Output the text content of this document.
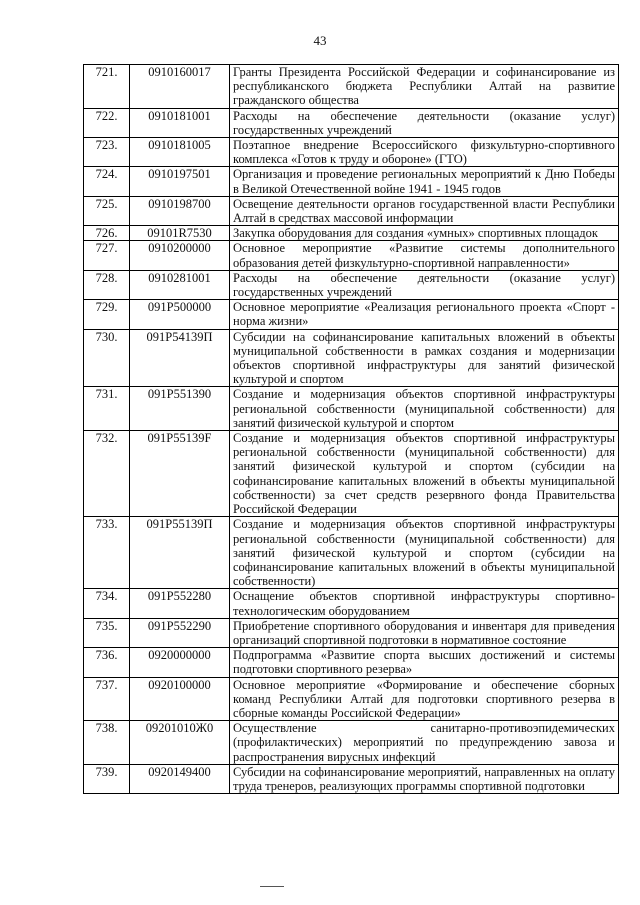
43
721.	0910160017	Гранты Президента Российской Федерации и софинансирование из республиканского бюджета Республики Алтай на развитие гражданского общества
722.	0910181001	Расходы на обеспечение деятельности (оказание услуг) государственных учреждений
723.	0910181005	Поэтапное внедрение Всероссийского физкультурно-спортивного комплекса «Готов к труду и обороне» (ГТО)
724.	0910197501	Организация и проведение региональных мероприятий к Дню Победы в Великой Отечественной войне 1941 - 1945 годов
725.	0910198700	Освещение деятельности органов государственной власти Республики Алтай в средствах массовой информации
726.	09101R7530	Закупка оборудования для создания «умных» спортивных площадок
727.	0910200000	Основное мероприятие «Развитие системы дополнительного образования детей физкультурно-спортивной направленности»
728.	0910281001	Расходы на обеспечение деятельности (оказание услуг) государственных учреждений
729.	091P500000	Основное мероприятие «Реализация регионального проекта «Спорт - норма жизни»
730.	091P54139П	Субсидии на софинансирование капитальных вложений в объекты муниципальной собственности в рамках создания и модернизации объектов спортивной инфраструктуры для занятий физической культурой и спортом
731.	091P551390	Создание и модернизация объектов спортивной инфраструктуры региональной собственности (муниципальной собственности) для занятий физической культурой и спортом
732.	091P55139F	Создание и модернизация объектов спортивной инфраструктуры региональной собственности (муниципальной собственности) для занятий физической культурой и спортом (субсидии на софинансирование капитальных вложений в объекты муниципальной собственности) за счет средств резервного фонда Правительства Российской Федерации
733.	091P55139П	Создание и модернизация объектов спортивной инфраструктуры региональной собственности (муниципальной собственности) для занятий физической культурой и спортом (субсидии на софинансирование капитальных вложений в объекты муниципальной собственности)
734.	091P552280	Оснащение объектов спортивной инфраструктуры спортивно-технологическим оборудованием
735.	091P552290	Приобретение спортивного оборудования и инвентаря для приведения организаций спортивной подготовки в нормативное состояние
736.	0920000000	Подпрограмма «Развитие спорта высших достижений и системы подготовки спортивного резерва»
737.	0920100000	Основное мероприятие «Формирование и обеспечение сборных команд Республики Алтай для подготовки спортивного резерва в сборные команды Российской Федерации»
738.	09201010Ж0	Осуществление санитарно-противоэпидемических (профилактических) мероприятий по предупреждению завоза и распространения вирусных инфекций
739.	0920149400	Субсидии на софинансирование мероприятий, направленных на оплату труда тренеров, реализующих программы спортивной подготовки
